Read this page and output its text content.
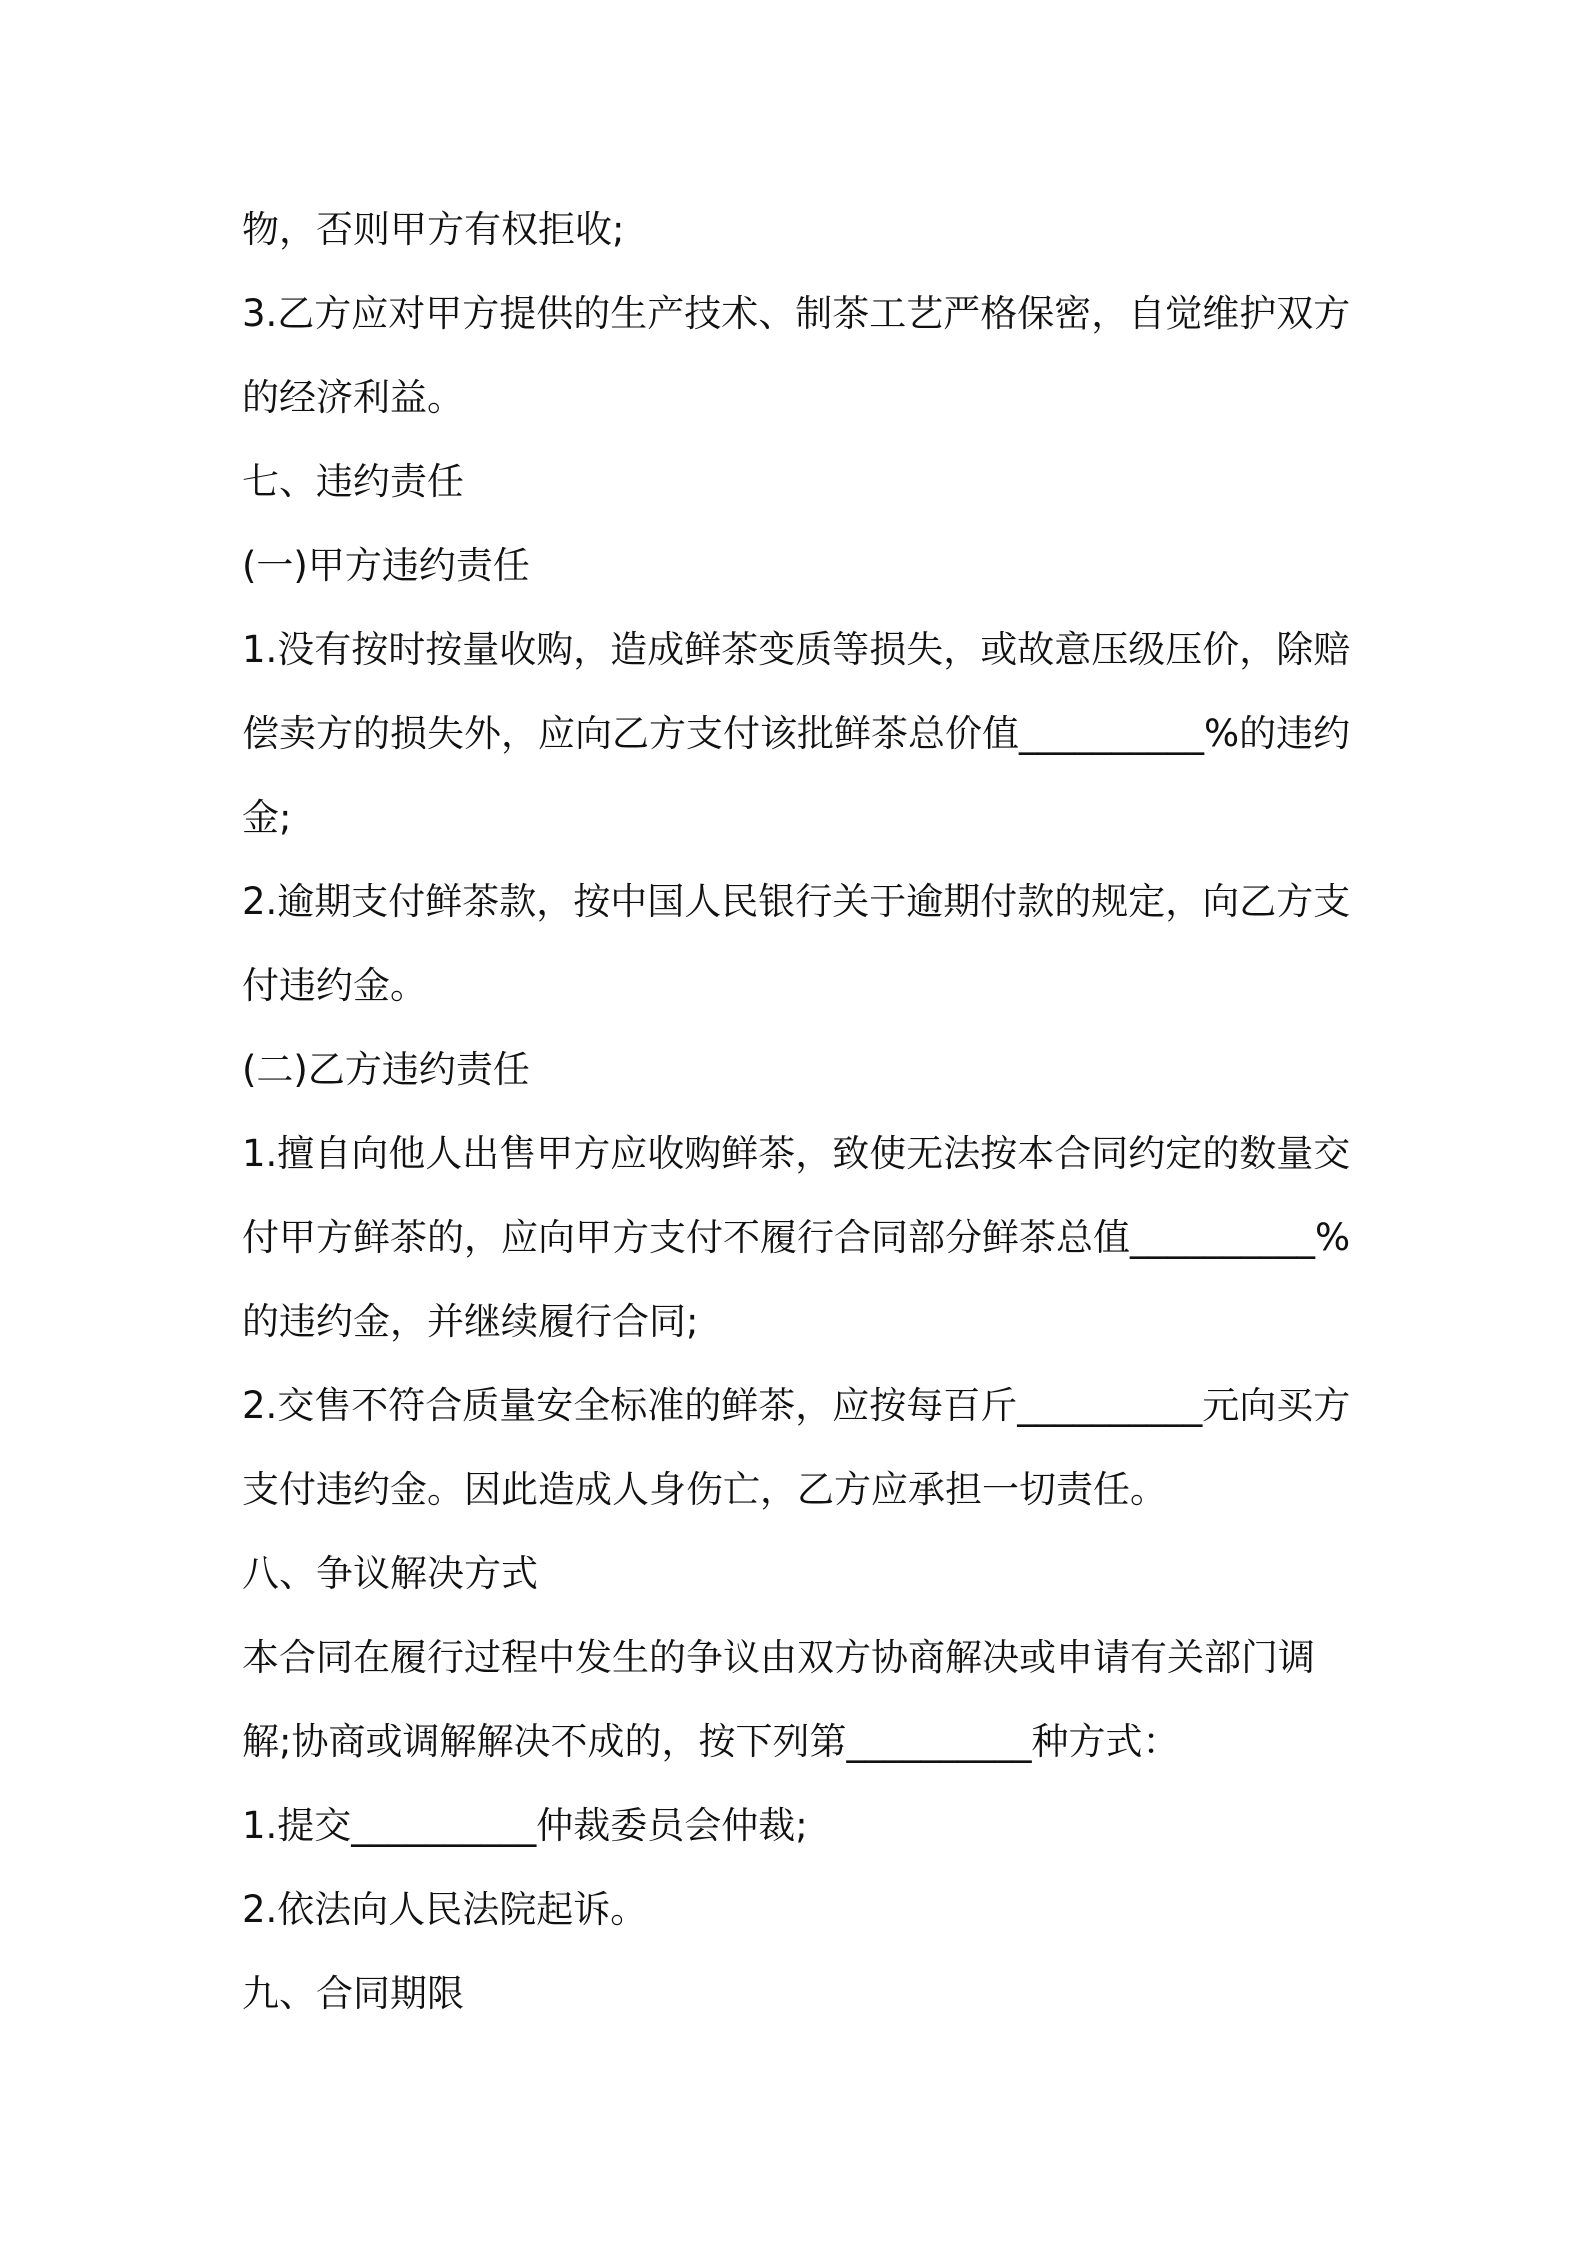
物，否则甲方有权拒收;
3.乙方应对甲方提供的生产技术、制茶工艺严格保密，自觉维护双方
的经济利益。
七、违约责任
(一)甲方违约责任
1.没有按时按量收购，造成鲜茶变质等损失，或故意压级压价，除赔
偿卖方的损失外，应向乙方支付该批鲜茶总价值__________%的违约
金;
2.逾期支付鲜茶款，按中国人民银行关于逾期付款的规定，向乙方支
付违约金。
(二)乙方违约责任
1.擅自向他人出售甲方应收购鲜茶，致使无法按本合同约定的数量交
付甲方鲜茶的，应向甲方支付不履行合同部分鲜茶总值__________%
的违约金，并继续履行合同;
2.交售不符合质量安全标准的鲜茶，应按每百斤__________元向买方
支付违约金。因此造成人身伤亡，乙方应承担一切责任。
八、争议解决方式
本合同在履行过程中发生的争议由双方协商解决或申请有关部门调
解;协商或调解解决不成的，按下列第__________种方式：
1.提交__________仲裁委员会仲裁;
2.依法向人民法院起诉。
九、合同期限
